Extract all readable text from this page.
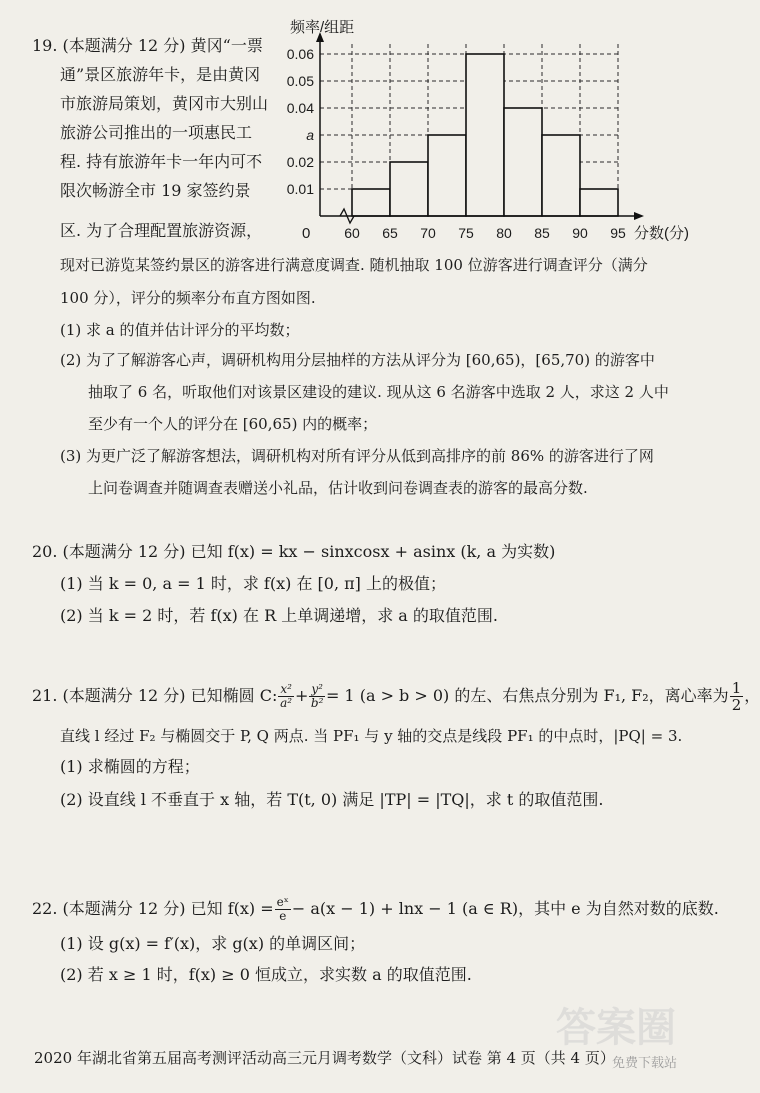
19. (本题满分 12 分) 黄冈“一票
通”景区旅游年卡，是由黄冈
市旅游局策划，黄冈市大别山
旅游公司推出的一项惠民工
程. 持有旅游年卡一年内可不
限次畅游全市 19 家签约景
区. 为了合理配置旅游资源，
现对已游览某签约景区的游客进行满意度调查. 随机抽取 100 位游客进行调查评分（满分
100 分），评分的频率分布直方图如图.
(1) 求 a 的值并估计评分的平均数；
(2) 为了了解游客心声，调研机构用分层抽样的方法从评分为 [60,65)，[65,70) 的游客中
抽取了 6 名，听取他们对该景区建设的建议. 现从这 6 名游客中选取 2 人，求这 2 人中
至少有一个人的评分在 [60,65) 内的概率；
(3) 为更广泛了解游客想法，调研机构对所有评分从低到高排序的前 86% 的游客进行了网
上问卷调查并随调查表赠送小礼品，估计收到问卷调查表的游客的最高分数.
0.06
0.05
0.04
a
0.02
0.01
60 65 70 75 80 85 90 95
频率/组距
0	分数(分)
20. (本题满分 12 分) 已知 f(x) = kx − sinxcosx + asinx (k, a 为实数)
(1) 当 k = 0, a = 1 时，求 f(x) 在 [0, π] 上的极值；
(2) 当 k = 2 时，若 f(x) 在 R 上单调递增，求 a 的取值范围.
21. (本题满分 12 分) 已知椭圆 C: $\frac{\text{x²}}{\text{a²}} + \frac{\text{y²}}{\text{b²}} = 1$ (a > b > 0) 的左、右焦点分别为 F₁, F₂，离心率为 $\frac{1}{2}$ ，
直线 l 经过 F₂ 与椭圆交于 P, Q 两点. 当 PF₁ 与 y 轴的交点是线段 PF₁ 的中点时，|PQ| = 3.
(1) 求椭圆的方程；
(2) 设直线 l 不垂直于 x 轴，若 T(t, 0) 满足 |TP| = |TQ|，求 t 的取值范围.
22. (本题满分 12 分) 已知 $f(x) = \frac{\text{eˣ}}{e} - a(x - 1) + \ln x - 1$ (a ∈ R)，其中 e 为自然对数的底数.
(1) 设 g(x) = f′(x)，求 g(x) 的单调区间；
(2) 若 x ≥ 1 时，f(x) ≥ 0 恒成立，求实数 a 的取值范围.
2020 年湖北省第五届高考测评活动高三元月调考数学（文科）试卷 第 4 页（共 4 页）
答案圈
免费下载站
